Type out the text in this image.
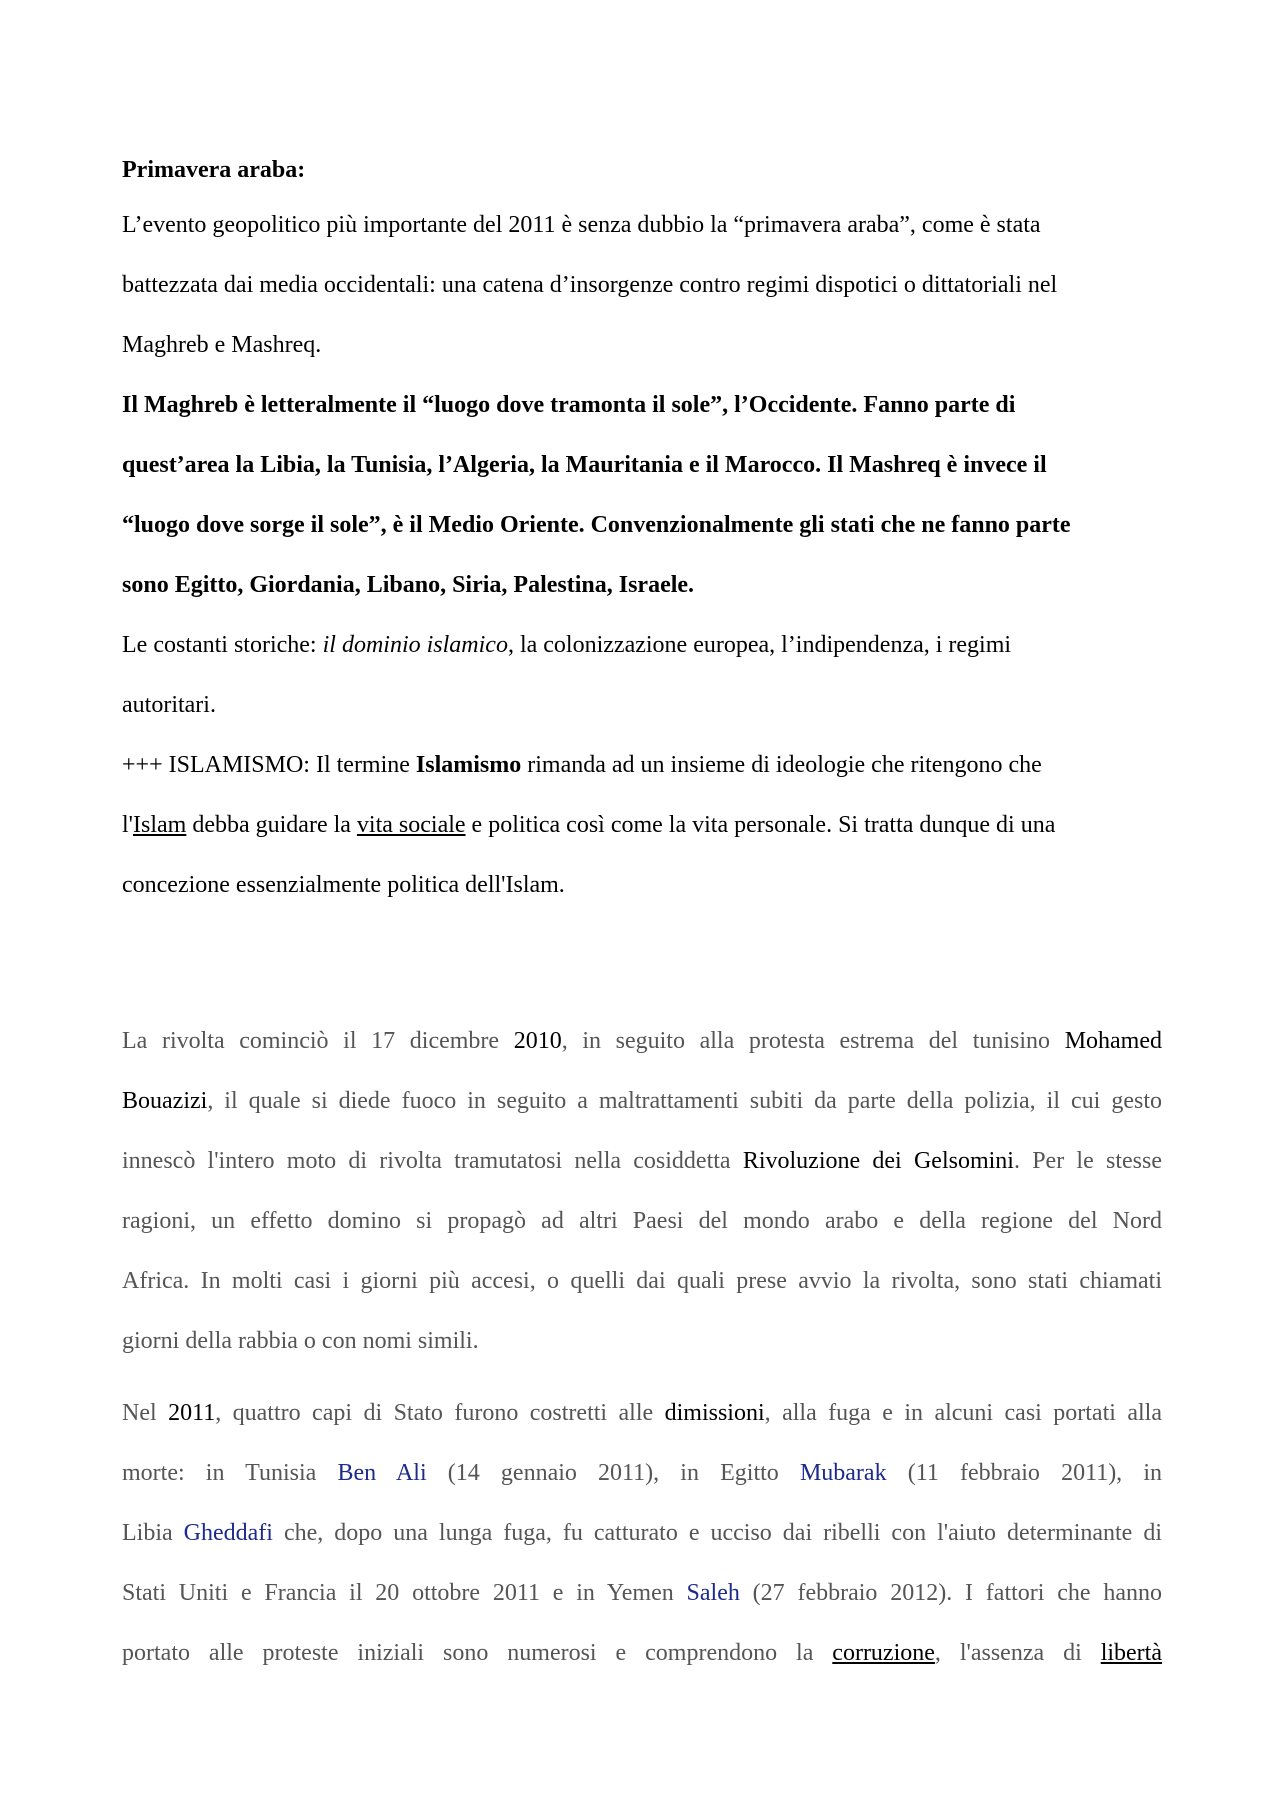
Primavera araba:
L’evento geopolitico più importante del 2011 è senza dubbio la “primavera araba”, come è stata
battezzata dai media occidentali: una catena d’insorgenze contro regimi dispotici o dittatoriali nel
Maghreb e Mashreq.
Il Maghreb è letteralmente il “luogo dove tramonta il sole”, l’Occidente. Fanno parte di
quest’area la Libia, la Tunisia, l’Algeria, la Mauritania e il Marocco. Il Mashreq è invece il
“luogo dove sorge il sole”, è il Medio Oriente. Convenzionalmente gli stati che ne fanno parte
sono Egitto, Giordania, Libano, Siria, Palestina, Israele.
Le costanti storiche: il dominio islamico, la colonizzazione europea, l’indipendenza, i regimi
autoritari.
+++ ISLAMISMO: Il termine Islamismo rimanda ad un insieme di ideologie che ritengono che
l'Islam debba guidare la vita sociale e politica così come la vita personale. Si tratta dunque di una
concezione essenzialmente politica dell'Islam.
La rivolta cominciò il 17 dicembre 2010, in seguito alla protesta estrema del tunisino Mohamed
Bouazizi, il quale si diede fuoco in seguito a maltrattamenti subiti da parte della polizia, il cui gesto
innescò l'intero moto di rivolta tramutatosi nella cosiddetta Rivoluzione dei Gelsomini. Per le stesse
ragioni, un effetto domino si propagò ad altri Paesi del mondo arabo e della regione del Nord
Africa. In molti casi i giorni più accesi, o quelli dai quali prese avvio la rivolta, sono stati chiamati
giorni della rabbia o con nomi simili.
Nel 2011, quattro capi di Stato furono costretti alle dimissioni, alla fuga e in alcuni casi portati alla
morte: in Tunisia Ben Ali (14 gennaio 2011), in Egitto Mubarak (11 febbraio 2011), in
Libia Gheddafi che, dopo una lunga fuga, fu catturato e ucciso dai ribelli con l'aiuto determinante di
Stati Uniti e Francia il 20 ottobre 2011 e in Yemen Saleh (27 febbraio 2012). I fattori che hanno
portato alle proteste iniziali sono numerosi e comprendono la corruzione, l'assenza di libertà
